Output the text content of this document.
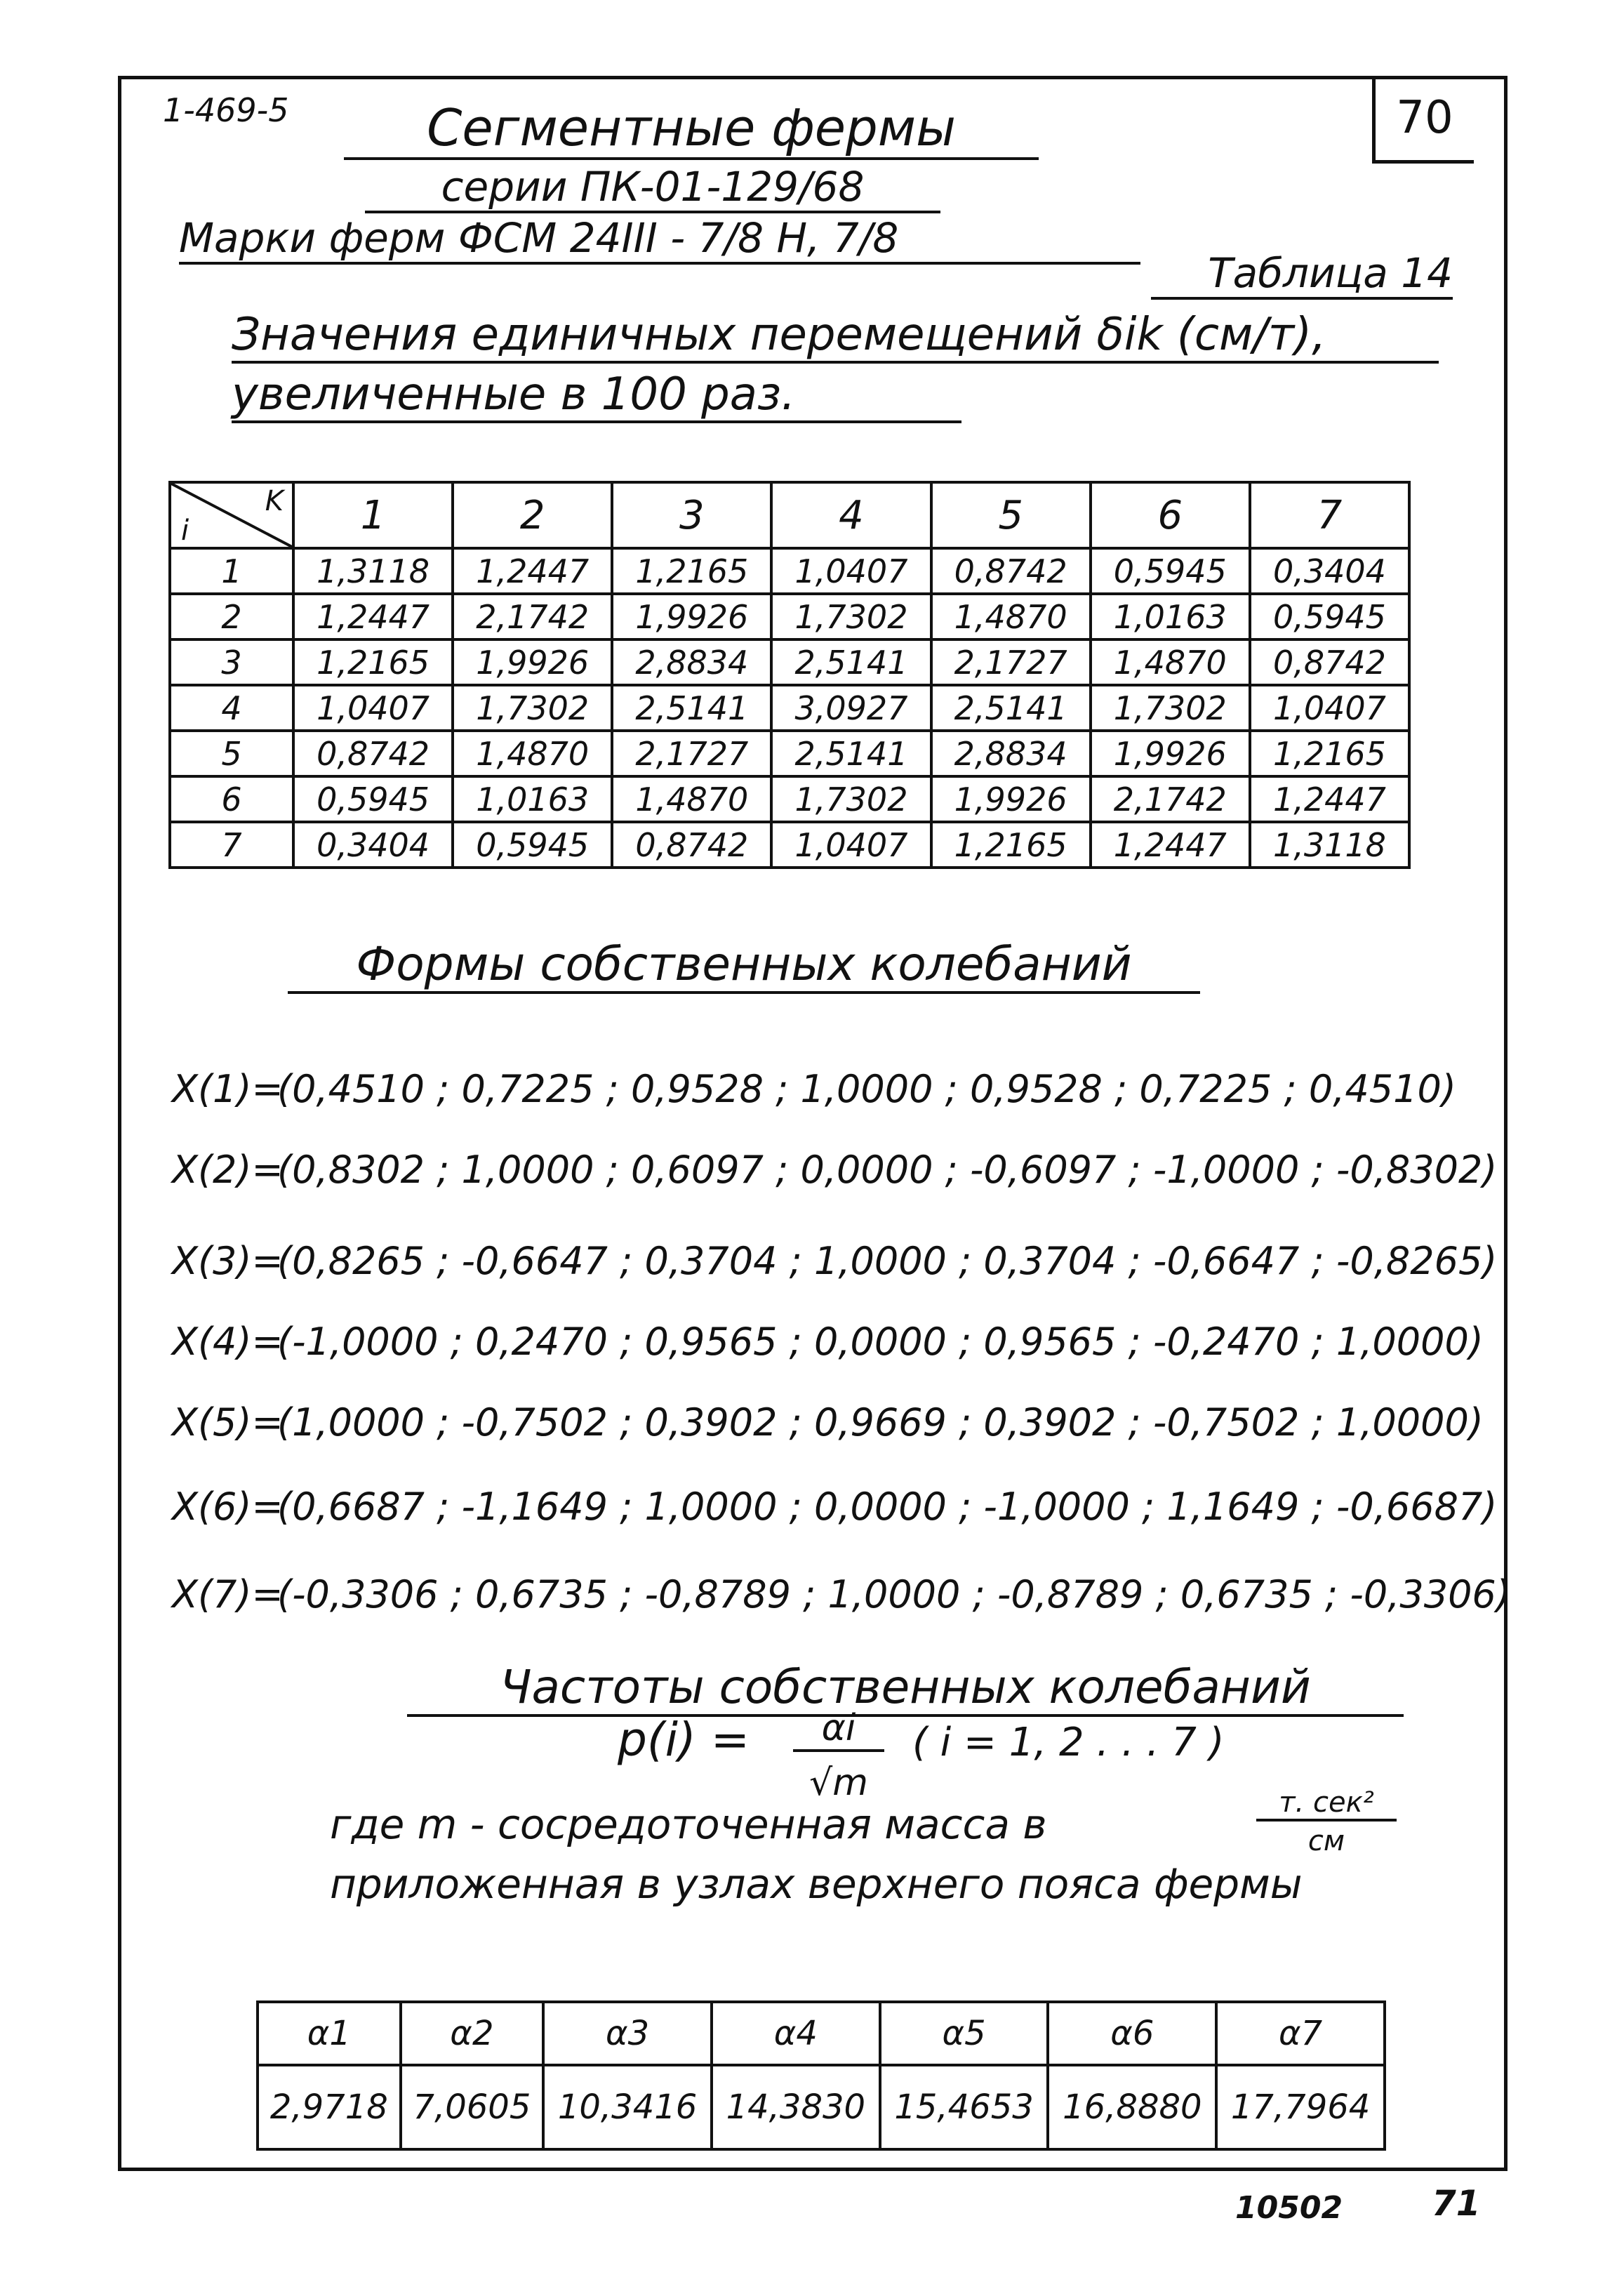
1-469-5	70
Сегментные фермы
серии ПК-01-129/68
Марки ферм ФСМ 24III - 7/8 Н, 7/8
Таблица 14
Значения единичных перемещений δik (см/т),
увеличенные в 100 раз.
K
i	1	2	3	4	5	6	7
1	1,3118	1,2447	1,2165	1,0407	0,8742	0,5945	0,3404
2	1,2447	2,1742	1,9926	1,7302	1,4870	1,0163	0,5945
3	1,2165	1,9926	2,8834	2,5141	2,1727	1,4870	0,8742
4	1,0407	1,7302	2,5141	3,0927	2,5141	1,7302	1,0407
5	0,8742	1,4870	2,1727	2,5141	2,8834	1,9926	1,2165
6	0,5945	1,0163	1,4870	1,7302	1,9926	2,1742	1,2447
7	0,3404	0,5945	0,8742	1,0407	1,2165	1,2447	1,3118
Формы собственных колебаний
X(1)=(0,4510 ; 0,7225 ; 0,9528 ; 1,0000 ; 0,9528 ; 0,7225 ; 0,4510)
X(2)=(0,8302 ; 1,0000 ; 0,6097 ; 0,0000 ; -0,6097 ; -1,0000 ; -0,8302)
X(3)=(0,8265 ; -0,6647 ; 0,3704 ; 1,0000 ; 0,3704 ; -0,6647 ; -0,8265)
X(4)=(-1,0000 ; 0,2470 ; 0,9565 ; 0,0000 ; 0,9565 ; -0,2470 ; 1,0000)
X(5)=(1,0000 ; -0,7502 ; 0,3902 ; 0,9669 ; 0,3902 ; -0,7502 ; 1,0000)
X(6)=(0,6687 ; -1,1649 ; 1,0000 ; 0,0000 ; -1,0000 ; 1,1649 ; -0,6687)
X(7)=(-0,3306 ; 0,6735 ; -0,8789 ; 1,0000 ; -0,8789 ; 0,6735 ; -0,3306)
Частоты собственных колебаний
p(i) =	αi
√m
( i = 1, 2 . . . 7 )
где m - сосредоточенная масса в	т. сек²
см
приложенная в узлах верхнего пояса фермы
α1	α2	α3	α4	α5	α6	α7
2,9718	7,0605	10,3416	14,3830	15,4653	16,8880	17,7964
10502	71
